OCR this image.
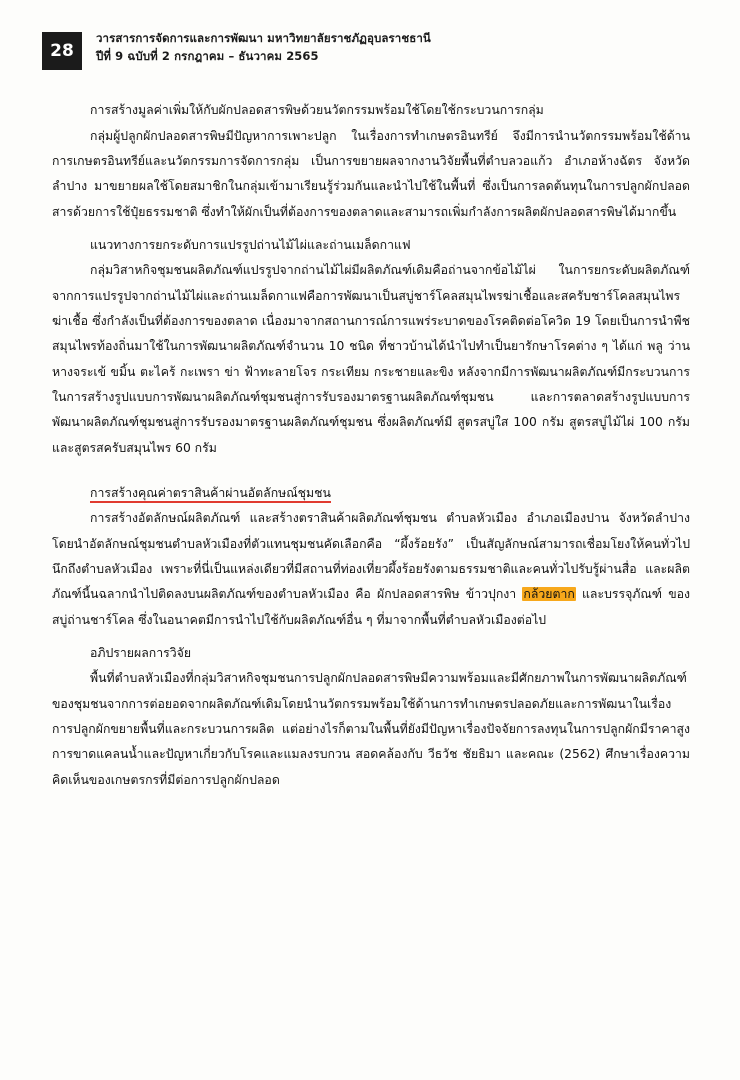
28
วารสารการจัดการและการพัฒนา มหาวิทยาลัยราชภัฏอุบลราชธานี
ปีที่ 9 ฉบับที่ 2 กรกฎาคม – ธันวาคม 2565

การสร้างมูลค่าเพิ่มให้กับผักปลอดสารพิษด้วยนวัตกรรมพร้อมใช้โดยใช้กระบวนการกลุ่ม

กลุ่มผู้ปลูกผักปลอดสารพิษมีปัญหาการเพาะปลูก ในเรื่องการทำเกษตรอินทรีย์ จึงมีการนำนวัตกรรมพร้อมใช้ด้านการเกษตรอินทรีย์และนวัตกรรมการจัดการกลุ่ม เป็นการขยายผลจากงานวิจัยพื้นที่ตำบลวอแก้ว อำเภอห้างฉัตร จังหวัดลำปาง มาขยายผลใช้โดยสมาชิกในกลุ่มเข้ามาเรียนรู้ร่วมกันและนำไปใช้ในพื้นที่ ซึ่งเป็นการลดต้นทุนในการปลูกผักปลอดสารด้วยการใช้ปุ๋ยธรรมชาติ ซึ่งทำให้ผักเป็นที่ต้องการของตลาดและสามารถเพิ่มกำลังการผลิตผักปลอดสารพิษได้มากขึ้น

แนวทางการยกระดับการแปรรูปถ่านไม้ไผ่และถ่านเมล็ดกาแฟ

กลุ่มวิสาหกิจชุมชนผลิตภัณฑ์แปรรูปจากถ่านไม้ไผ่มีผลิตภัณฑ์เดิมคือถ่านจากข้อไม้ไผ่ ในการยกระดับผลิตภัณฑ์จากการแปรรูปจากถ่านไม้ไผ่และถ่านเมล็ดกาแฟคือการพัฒนาเป็นสบู่ชาร์โคลสมุนไพรฆ่าเชื้อและสครับชาร์โคลสมุนไพรฆ่าเชื้อ ซึ่งกำลังเป็นที่ต้องการของตลาด เนื่องมาจากสถานการณ์การแพร่ระบาดของโรคติดต่อโควิด 19 โดยเป็นการนำพืชสมุนไพรท้องถิ่นมาใช้ในการพัฒนาผลิตภัณฑ์จำนวน 10 ชนิด ที่ชาวบ้านได้นำไปทำเป็นยารักษาโรคต่าง ๆ ได้แก่ พลู ว่านหางจระเข้ ขมิ้น ตะไคร้ กะเพรา ข่า ฟ้าทะลายโจร กระเทียม กระชายและขิง หลังจากมีการพัฒนาผลิตภัณฑ์มีกระบวนการในการสร้างรูปแบบการพัฒนาผลิตภัณฑ์ชุมชนสู่การรับรองมาตรฐานผลิตภัณฑ์ชุมชน และการตลาดสร้างรูปแบบการพัฒนาผลิตภัณฑ์ชุมชนสู่การรับรองมาตรฐานผลิตภัณฑ์ชุมชน ซึ่งผลิตภัณฑ์มี สูตรสบู่ใส 100 กรัม สูตรสบู่ไม้ไผ่ 100 กรัม และสูตรสครับสมุนไพร 60 กรัม

การสร้างคุณค่าตราสินค้าผ่านอัตลักษณ์ชุมชน

การสร้างอัตลักษณ์ผลิตภัณฑ์ และสร้างตราสินค้าผลิตภัณฑ์ชุมชน ตำบลหัวเมือง อำเภอเมืองปาน จังหวัดลำปาง โดยนำอัตลักษณ์ชุมชนตำบลหัวเมืองที่ตัวแทนชุมชนคัดเลือกคือ “ผึ้งร้อยรัง” เป็นสัญลักษณ์สามารถเชื่อมโยงให้คนทั่วไปนึกถึงตำบลหัวเมือง เพราะที่นี่เป็นแหล่งเดียวที่มีสถานที่ท่องเที่ยวผึ้งร้อยรังตามธรรมชาติและคนทั่วไปรับรู้ผ่านสื่อ และผลิตภัณฑ์นี้นฉลากนำไปติดลงบนผลิตภัณฑ์ของตำบลหัวเมือง คือ ผักปลอดสารพิษ ข้าวปุกงา กล้วยตาก และบรรจุภัณฑ์ ของสบู่ถ่านชาร์โคล ซึ่งในอนาคตมีการนำไปใช้กับผลิตภัณฑ์อื่น ๆ ที่มาจากพื้นที่ตำบลหัวเมืองต่อไป

อภิปรายผลการวิจัย

พื้นที่ตำบลหัวเมืองที่กลุ่มวิสาหกิจชุมชนการปลูกผักปลอดสารพิษมีความพร้อมและมีศักยภาพในการพัฒนาผลิตภัณฑ์ของชุมชนจากการต่อยอดจากผลิตภัณฑ์เดิมโดยนำนวัตกรรมพร้อมใช้ด้านการทำเกษตรปลอดภัยและการพัฒนาในเรื่องการปลูกผักขยายพื้นที่และกระบวนการผลิต แต่อย่างไรก็ตามในพื้นที่ยังมีปัญหาเรื่องปัจจัยการลงทุนในการปลูกผักมีราคาสูง การขาดแคลนน้ำและปัญหาเกี่ยวกับโรคและแมลงรบกวน สอดคล้องกับ วีธวัช ชัยธิมา และคณะ (2562) ศึกษาเรื่องความคิดเห็นของเกษตรกรที่มีต่อการปลูกผักปลอด
